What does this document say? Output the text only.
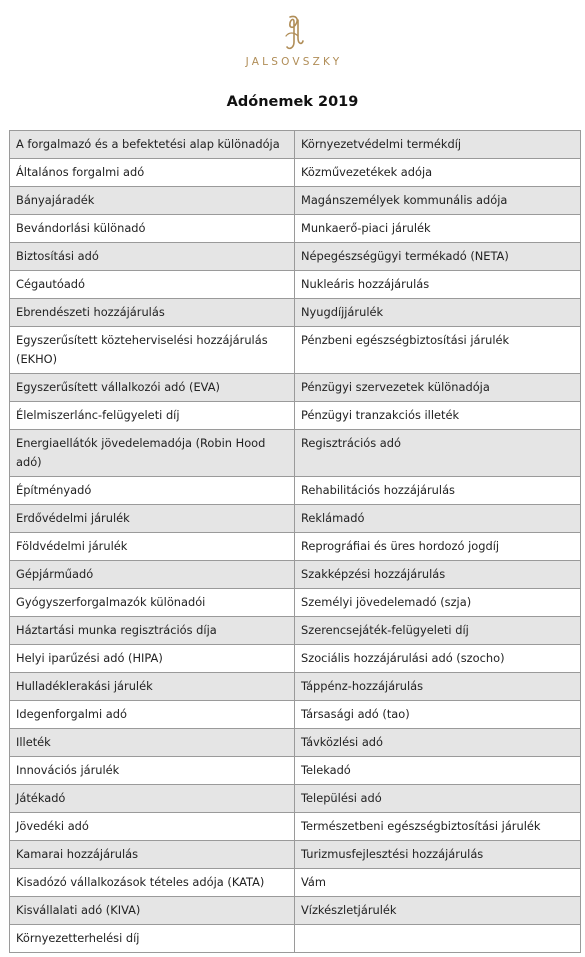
JALSOVSZKY
Adónemek 2019
A forgalmazó és a befektetési alap különadója	Környezetvédelmi termékdíj
Általános forgalmi adó	Közművezetékek adója
Bányajáradék	Magánszemélyek kommunális adója
Bevándorlási különadó	Munkaerő-piaci járulék
Biztosítási adó	Népegészségügyi termékadó (NETA)
Cégautóadó	Nukleáris hozzájárulás
Ebrendészeti hozzájárulás	Nyugdíjjárulék
Egyszerűsített közteherviselési hozzájárulás (EKHO)	Pénzbeni egészségbiztosítási járulék
Egyszerűsített vállalkozói adó (EVA)	Pénzügyi szervezetek különadója
Élelmiszerlánc-felügyeleti díj	Pénzügyi tranzakciós illeték
Energiaellátók jövedelemadója (Robin Hood adó)	Regisztrációs adó
Építményadó	Rehabilitációs hozzájárulás
Erdővédelmi járulék	Reklámadó
Földvédelmi járulék	Reprográfiai és üres hordozó jogdíj
Gépjárműadó	Szakképzési hozzájárulás
Gyógyszerforgalmazók különadói	Személyi jövedelemadó (szja)
Háztartási munka regisztrációs díja	Szerencsejáték-felügyeleti díj
Helyi iparűzési adó (HIPA)	Szociális hozzájárulási adó (szocho)
Hulladéklerakási járulék	Táppénz-hozzájárulás
Idegenforgalmi adó	Társasági adó (tao)
Illeték	Távközlési adó
Innovációs járulék	Telekadó
Játékadó	Települési adó
Jövedéki adó	Természetbeni egészségbiztosítási járulék
Kamarai hozzájárulás	Turizmusfejlesztési hozzájárulás
Kisadózó vállalkozások tételes adója (KATA)	Vám
Kisvállalati adó (KIVA)	Vízkészletjárulék
Környezetterhelési díj	
